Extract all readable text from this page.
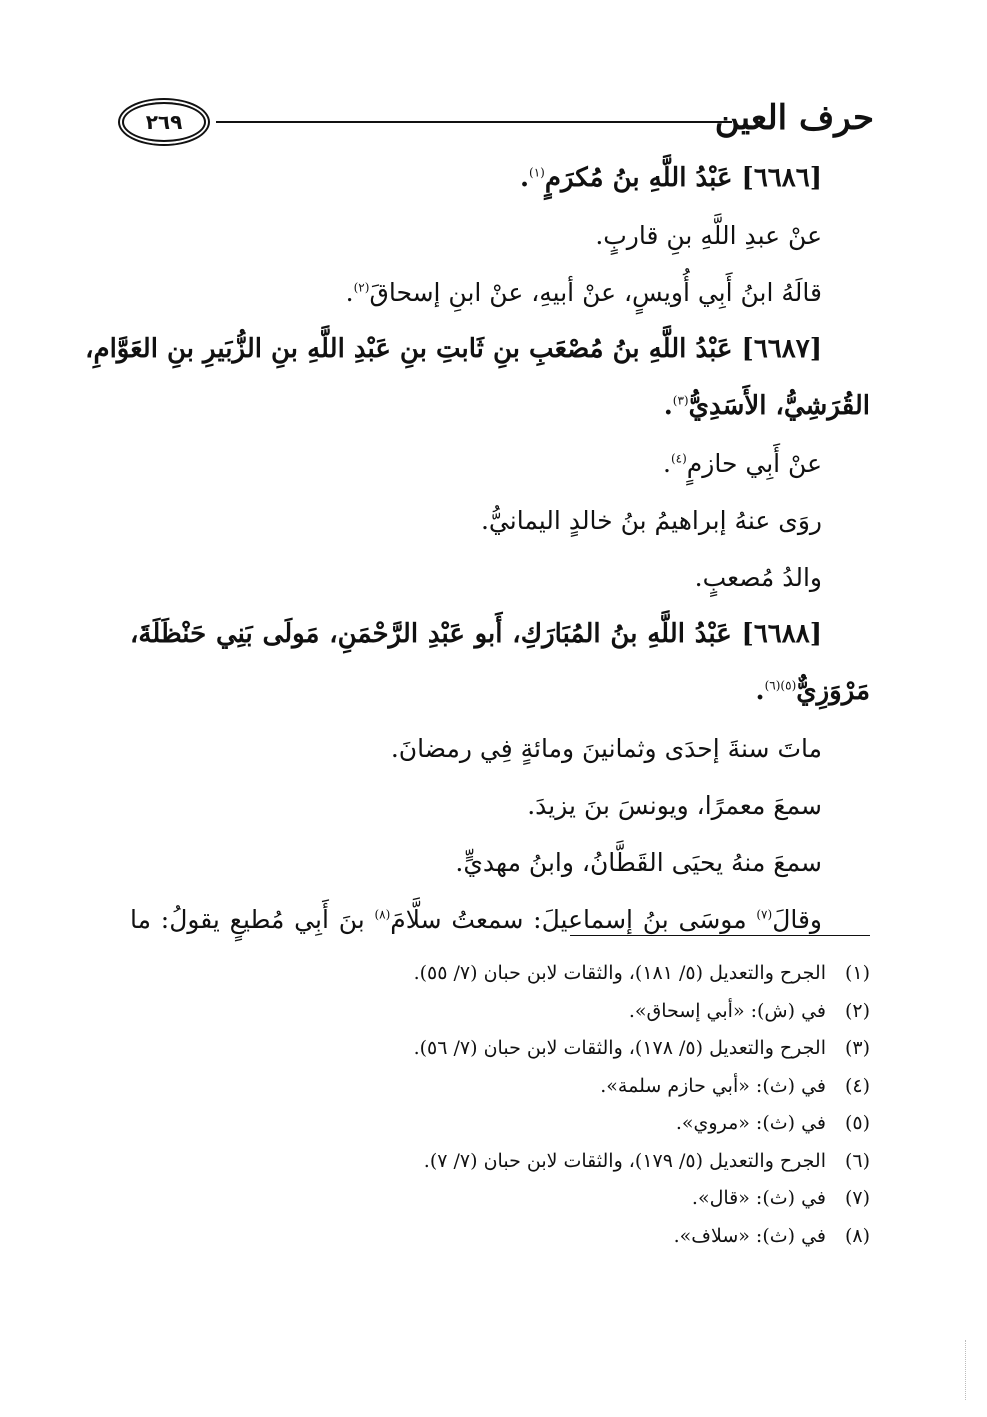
حرف العين
٢٦٩
[٦٦٨٦] عَبْدُ اللَّهِ بنُ مُكرَمٍ$^{(١)}$.
عنْ عبدِ اللَّهِ بنِ قاربٍ.
قالَهُ ابنُ أَبِي أُويسٍ، عنْ أبيهِ، عنْ ابنِ إسحاقَ$^{(٢)}$.
[٦٦٨٧] عَبْدُ اللَّهِ بنُ مُصْعَبِ بنِ ثَابتِ بنِ عَبْدِ اللَّهِ بنِ الزُّبَيرِ بنِ العَوَّامِ،
القُرَشِيُّ، الأَسَدِيُّ$^{(٣)}$.
عنْ أَبِي حازمٍ$^{(٤)}$.
روَى عنهُ إبراهيمُ بنُ خالدٍ اليمانيُّ.
والدُ مُصعبٍ.
[٦٦٨٨] عَبْدُ اللَّهِ بنُ المُبَارَكِ، أَبو عَبْدِ الرَّحْمَنِ، مَولَى بَنِي حَنْظَلَةَ،
مَرْوَزِيٌّ$^{(٥)(٦)}$.
ماتَ سنةَ إحدَى وثمانينَ ومائةٍ فِي رمضانَ.
سمعَ معمرًا، ويونسَ بنَ يزيدَ.
سمعَ منهُ يحيَى القَطَّانُ، وابنُ مهديٍّ.
وقالَ$^{(٧)}$ موسَى بنُ إسماعيلَ: سمعتُ سلَّامَ$^{(٨)}$ بنَ أَبِي مُطيعٍ يقولُ: ما
(١)الجرح والتعديل (٥/ ١٨١)، والثقات لابن حبان (٧/ ٥٥).
(٢)في (ش): «أبي إسحاق».
(٣)الجرح والتعديل (٥/ ١٧٨)، والثقات لابن حبان (٧/ ٥٦).
(٤)في (ث): «أبي حازم سلمة».
(٥)في (ث): «مروي».
(٦)الجرح والتعديل (٥/ ١٧٩)، والثقات لابن حبان (٧/ ٧).
(٧)في (ث): «قال».
(٨)في (ث): «سلاف».
